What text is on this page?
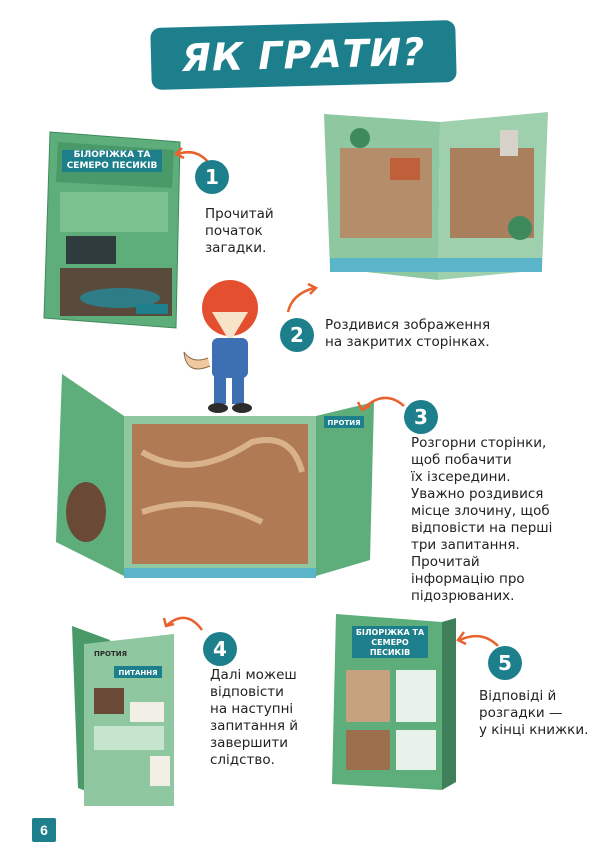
ЯК ГРАТИ?
БІЛОРІЖКА ТА
СЕМЕРО ПЕСИКІВ	1
Прочитай
початок
загадки.
2	Роздивися зображення
на закритих сторінках.
ПРОТИЯ	3
Розгорни сторінки,
щоб побачити
їх ізсередини.
Уважно роздивися
місце злочину, щоб
відповісти на перші
три запитання.
Прочитай
інформацію про
підозрюваних.
ПИТАННЯ
ПРОТИЯ	4
Далі можеш
відповісти
на наступні
запитання й
завершити
слідство.
БІЛОРІЖКА ТА
СЕМЕРО ПЕСИКІВ	5
Відповіді й
розгадки —
у кінці книжки.
6
